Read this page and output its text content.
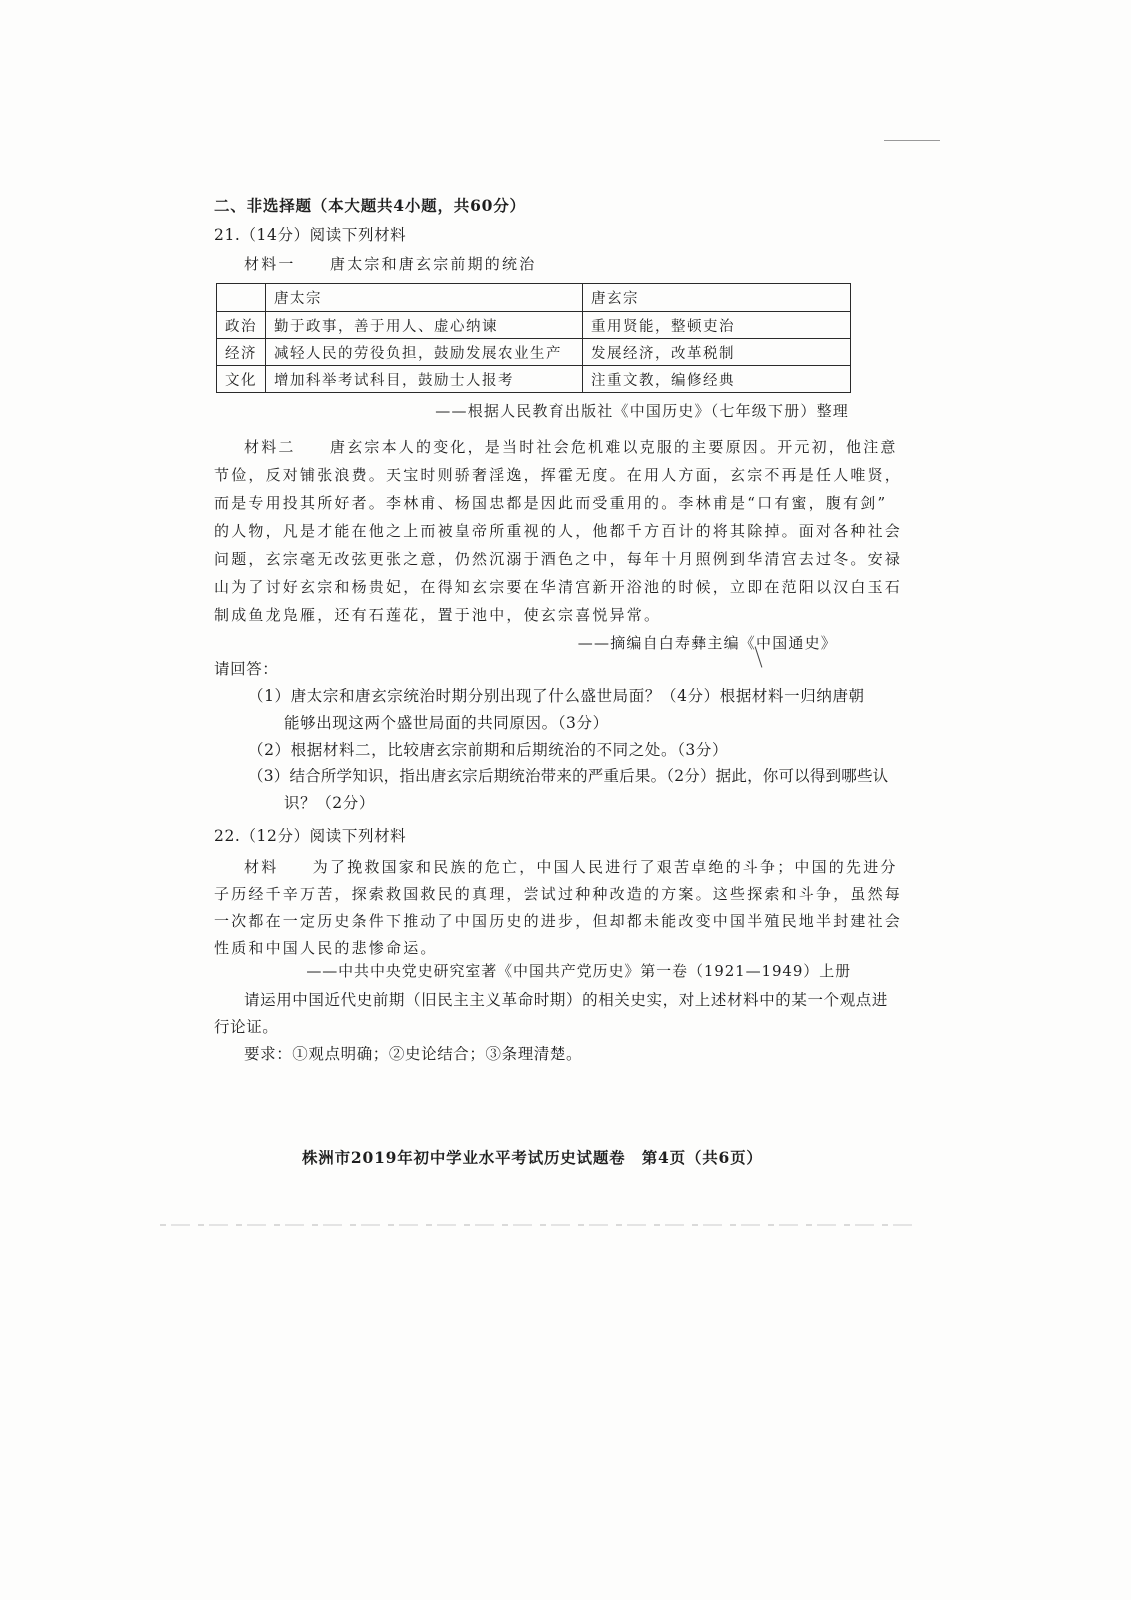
二、非选择题（本大题共4小题，共60分）
21.（14分）阅读下列材料
材料一　　唐太宗和唐玄宗前期的统治
	唐太宗	唐玄宗
政治	勤于政事，善于用人、虚心纳谏	重用贤能，整顿吏治
经济	减轻人民的劳役负担，鼓励发展农业生产	发展经济，改革税制
文化	增加科举考试科目，鼓励士人报考	注重文教，编修经典
——根据人民教育出版社《中国历史》（七年级下册）整理
材料二　　唐玄宗本人的变化，是当时社会危机难以克服的主要原因。开元初，他注意
节俭，反对铺张浪费。天宝时则骄奢淫逸，挥霍无度。在用人方面，玄宗不再是任人唯贤，
而是专用投其所好者。李林甫、杨国忠都是因此而受重用的。李林甫是“口有蜜，腹有剑”
的人物，凡是才能在他之上而被皇帝所重视的人，他都千方百计的将其除掉。面对各种社会
问题，玄宗毫无改弦更张之意，仍然沉溺于酒色之中，每年十月照例到华清宫去过冬。安禄
山为了讨好玄宗和杨贵妃，在得知玄宗要在华清宫新开浴池的时候，立即在范阳以汉白玉石
制成鱼龙凫雁，还有石莲花，置于池中，使玄宗喜悦异常。
——摘编自白寿彝主编《中国通史》
请回答：
（1）唐太宗和唐玄宗统治时期分别出现了什么盛世局面？（4分）根据材料一归纳唐朝
能够出现这两个盛世局面的共同原因。（3分）
（2）根据材料二，比较唐玄宗前期和后期统治的不同之处。（3分）
（3）结合所学知识，指出唐玄宗后期统治带来的严重后果。（2分）据此，你可以得到哪些认
识？（2分）
22.（12分）阅读下列材料
材料　　为了挽救国家和民族的危亡，中国人民进行了艰苦卓绝的斗争；中国的先进分
子历经千辛万苦，探索救国救民的真理，尝试过种种改造的方案。这些探索和斗争，虽然每
一次都在一定历史条件下推动了中国历史的进步，但却都未能改变中国半殖民地半封建社会
性质和中国人民的悲惨命运。
——中共中央党史研究室著《中国共产党历史》第一卷（1921—1949）上册
请运用中国近代史前期（旧民主主义革命时期）的相关史实，对上述材料中的某一个观点进
行论证。
要求：①观点明确；②史论结合；③条理清楚。
株洲市2019年初中学业水平考试历史试题卷　第4页（共6页）
